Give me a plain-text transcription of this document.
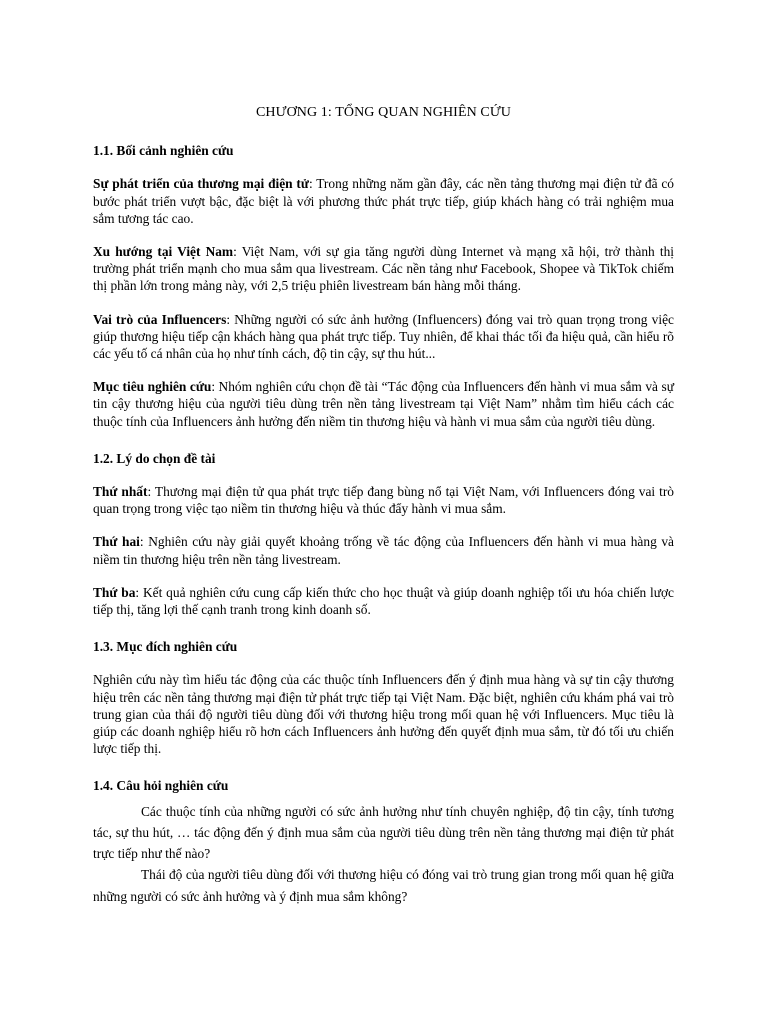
CHƯƠNG 1: TỔNG QUAN NGHIÊN CỨU
1.1. Bối cảnh nghiên cứu

Sự phát triển của thương mại điện tử: Trong những năm gần đây, các nền tảng thương mại điện tử đã có bước phát triển vượt bậc, đặc biệt là với phương thức phát trực tiếp, giúp khách hàng có trải nghiệm mua sắm tương tác cao.

Xu hướng tại Việt Nam: Việt Nam, với sự gia tăng người dùng Internet và mạng xã hội, trở thành thị trường phát triển mạnh cho mua sắm qua livestream. Các nền tảng như Facebook, Shopee và TikTok chiếm thị phần lớn trong mảng này, với 2,5 triệu phiên livestream bán hàng mỗi tháng.

Vai trò của Influencers: Những người có sức ảnh hưởng (Influencers) đóng vai trò quan trọng trong việc giúp thương hiệu tiếp cận khách hàng qua phát trực tiếp. Tuy nhiên, để khai thác tối đa hiệu quả, cần hiểu rõ các yếu tố cá nhân của họ như tính cách, độ tin cậy, sự thu hút...

Mục tiêu nghiên cứu: Nhóm nghiên cứu chọn đề tài “Tác động của Influencers đến hành vi mua sắm và sự tin cậy thương hiệu của người tiêu dùng trên nền tảng livestream tại Việt Nam” nhằm tìm hiểu cách các thuộc tính của Influencers ảnh hưởng đến niềm tin thương hiệu và hành vi mua sắm của người tiêu dùng.

1.2. Lý do chọn đề tài

Thứ nhất: Thương mại điện tử qua phát trực tiếp đang bùng nổ tại Việt Nam, với Influencers đóng vai trò quan trọng trong việc tạo niềm tin thương hiệu và thúc đẩy hành vi mua sắm.

Thứ hai: Nghiên cứu này giải quyết khoảng trống về tác động của Influencers đến hành vi mua hàng và niềm tin thương hiệu trên nền tảng livestream.

Thứ ba: Kết quả nghiên cứu cung cấp kiến thức cho học thuật và giúp doanh nghiệp tối ưu hóa chiến lược tiếp thị, tăng lợi thế cạnh tranh trong kinh doanh số.

1.3. Mục đích nghiên cứu

Nghiên cứu này tìm hiểu tác động của các thuộc tính Influencers đến ý định mua hàng và sự tin cậy thương hiệu trên các nền tảng thương mại điện tử phát trực tiếp tại Việt Nam. Đặc biệt, nghiên cứu khám phá vai trò trung gian của thái độ người tiêu dùng đối với thương hiệu trong mối quan hệ với Influencers. Mục tiêu là giúp các doanh nghiệp hiểu rõ hơn cách Influencers ảnh hưởng đến quyết định mua sắm, từ đó tối ưu chiến lược tiếp thị.

1.4. Câu hỏi nghiên cứu

Các thuộc tính của những người có sức ảnh hưởng như tính chuyên nghiệp, độ tin cậy, tính tương tác, sự thu hút, … tác động đến ý định mua sắm của người tiêu dùng trên nền tảng thương mại điện tử phát trực tiếp như thế nào?

Thái độ của người tiêu dùng đối với thương hiệu có đóng vai trò trung gian trong mối quan hệ giữa những người có sức ảnh hưởng và ý định mua sắm không?
